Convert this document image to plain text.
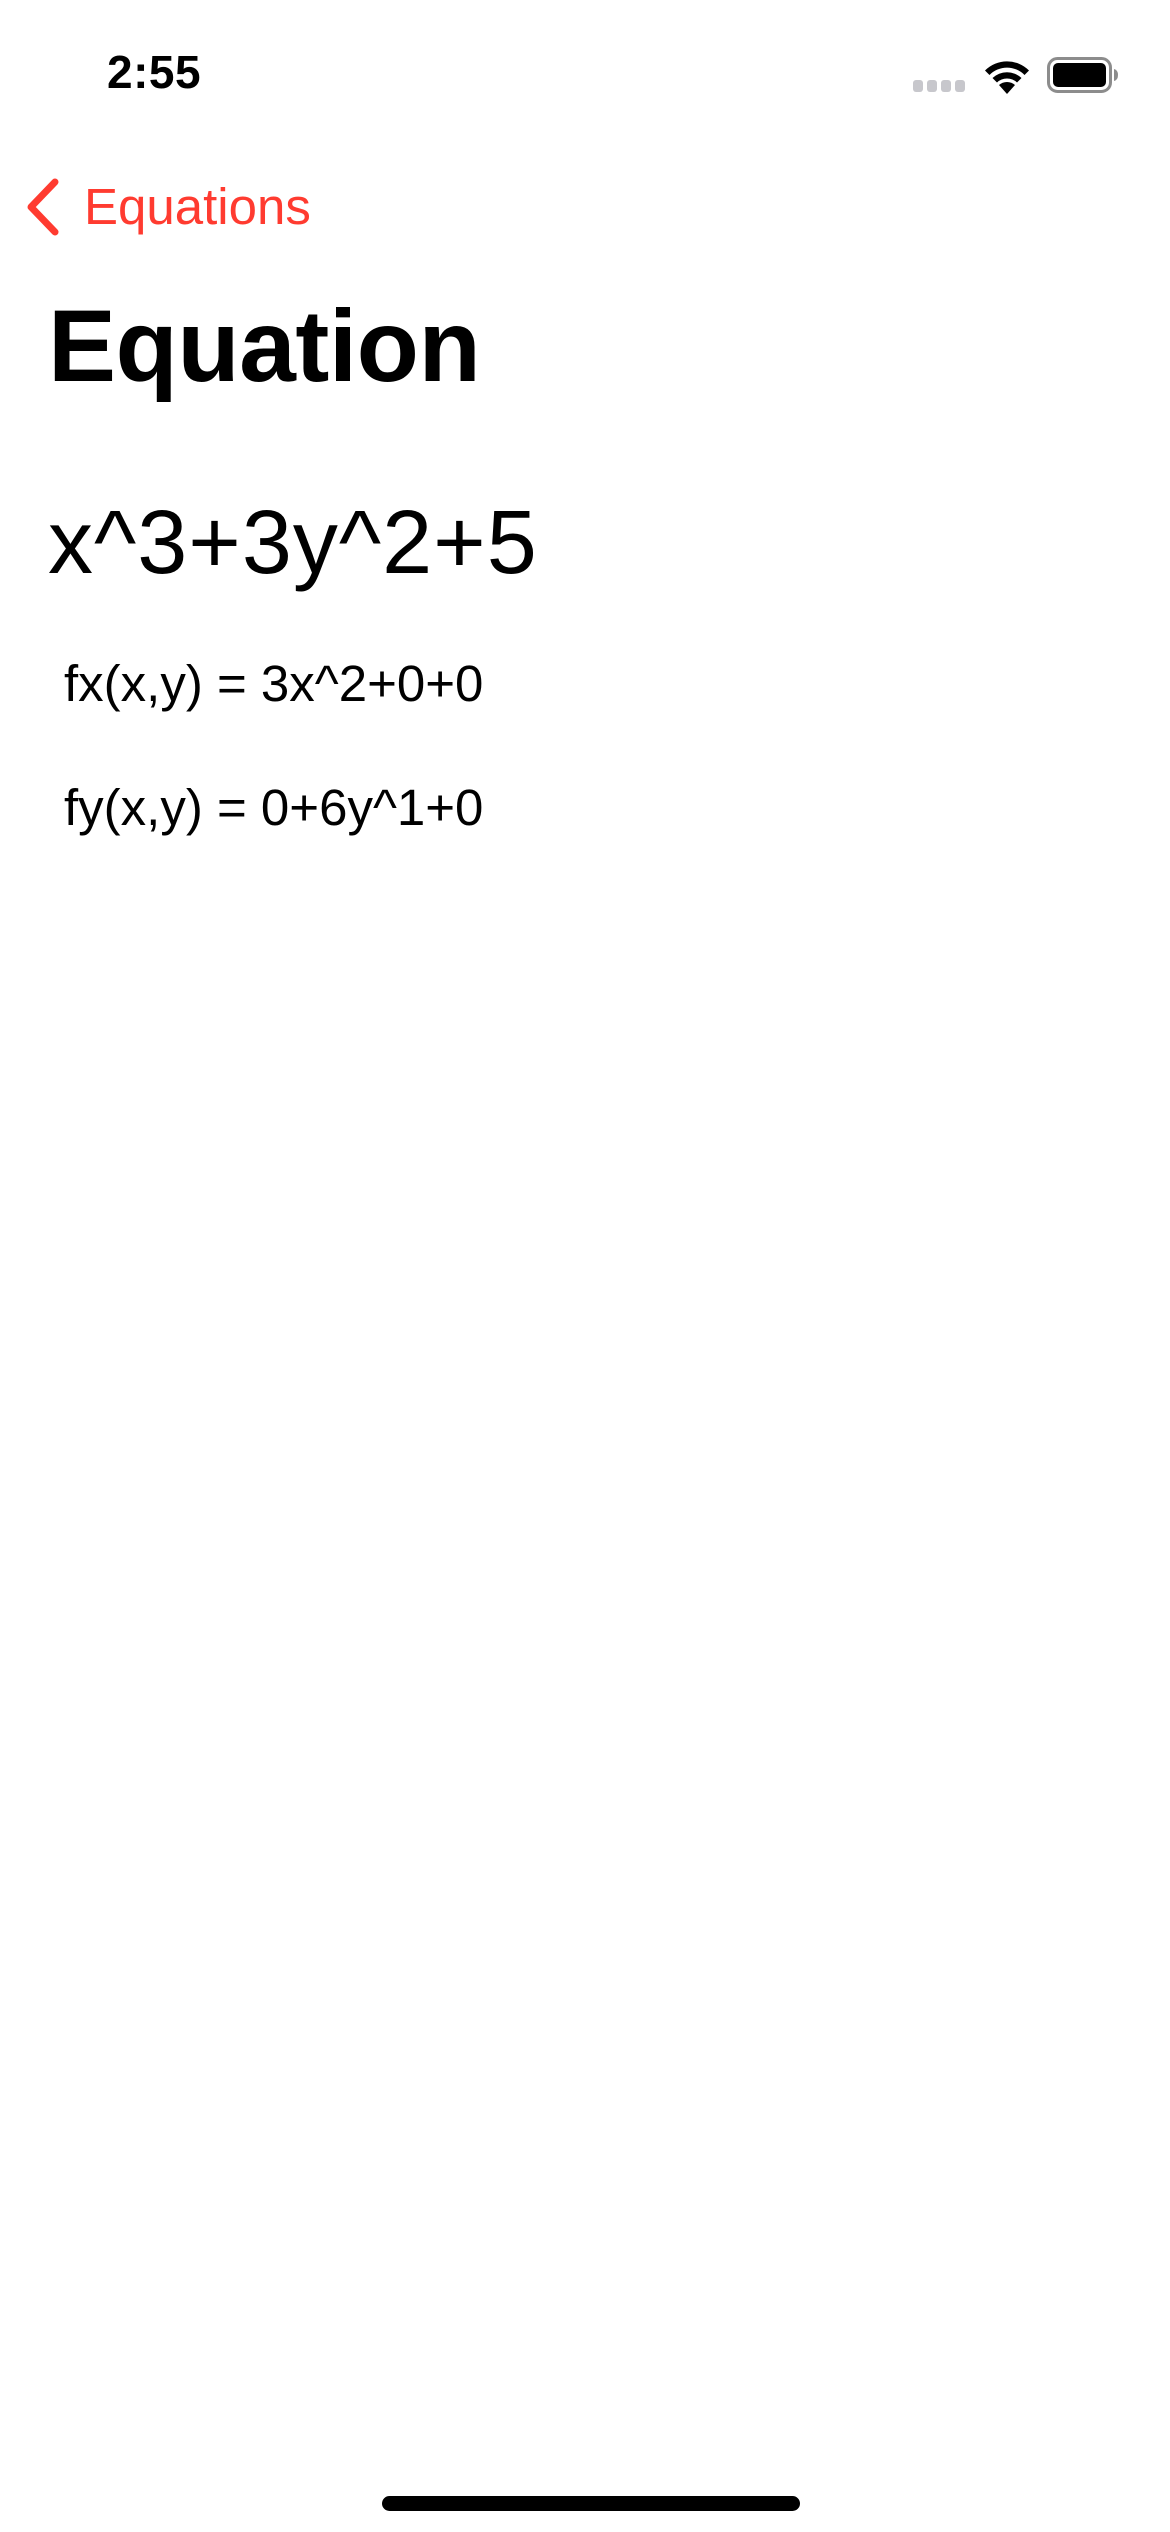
2:55
Equations
Equation
x^3+3y^2+5
fx(x,y) = 3x^2+0+0
fy(x,y) = 0+6y^1+0
